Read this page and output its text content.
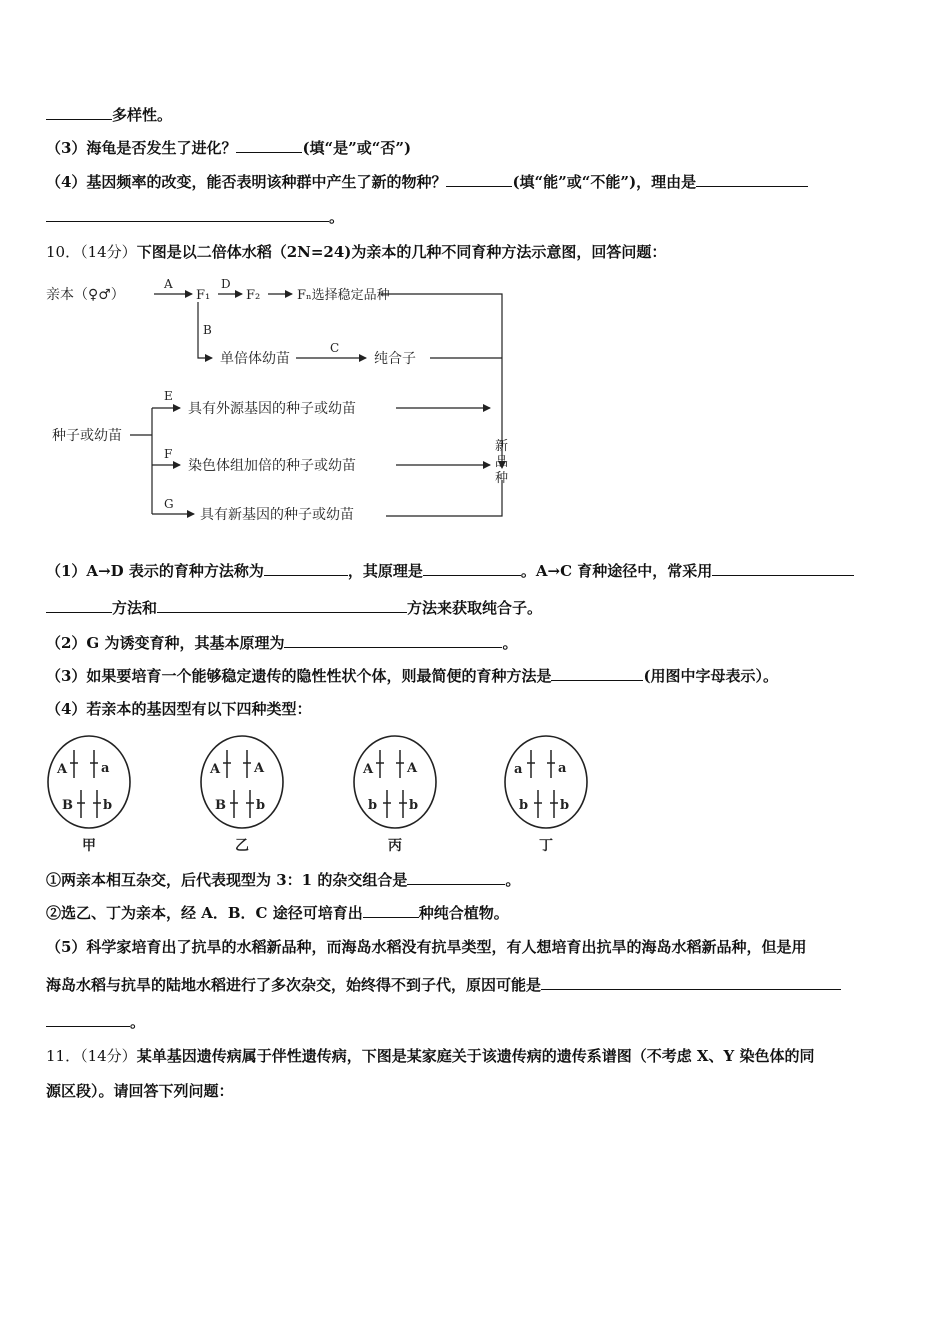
多样性。
（3）海龟是否发生了进化？	(填“是”或“否”)
（4）基因频率的改变，能否表明该种群中产生了新的物种？	(填“能”或“不能”)，理由是
。
10．（14分）下图是以二倍体水稻（2N=24)为亲本的几种不同育种方法示意图，回答问题：
亲本（♀♂）
A
F₁
D
F₂	Fₙ选择稳定品种
B
单倍体幼苗
C
纯合子
种子或幼苗
E
具有外源基因的种子或幼苗
F
染色体组加倍的种子或幼苗
G
具有新基因的种子或幼苗
新
品
种
（1）A→D 表示的育种方法称为	，其原理是	。A→C 育种途径中，常采用
方法和	方法来获取纯合子。
（2）G 为诱变育种，其基本原理为	。
（3）如果要培育一个能够稳定遗传的隐性性状个体，则最简便的育种方法是	(用图中字母表示）。
（4）若亲本的基因型有以下四种类型：
A	a
B b
甲
A	A
B b
乙
A	A
b b
丙
a	a
b b
丁
①两亲本相互杂交，后代表现型为 3：1 的杂交组合是	。
②选乙、丁为亲本，经 A．B．C 途径可培育出	种纯合植物。
（5）科学家培育出了抗旱的水稻新品种，而海岛水稻没有抗旱类型，有人想培育出抗旱的海岛水稻新品种，但是用
海岛水稻与抗旱的陆地水稻进行了多次杂交，始终得不到子代，原因可能是
。
11．（14分）某单基因遗传病属于伴性遗传病，下图是某家庭关于该遗传病的遗传系谱图（不考虑 X、Y 染色体的同
源区段）。请回答下列问题：
